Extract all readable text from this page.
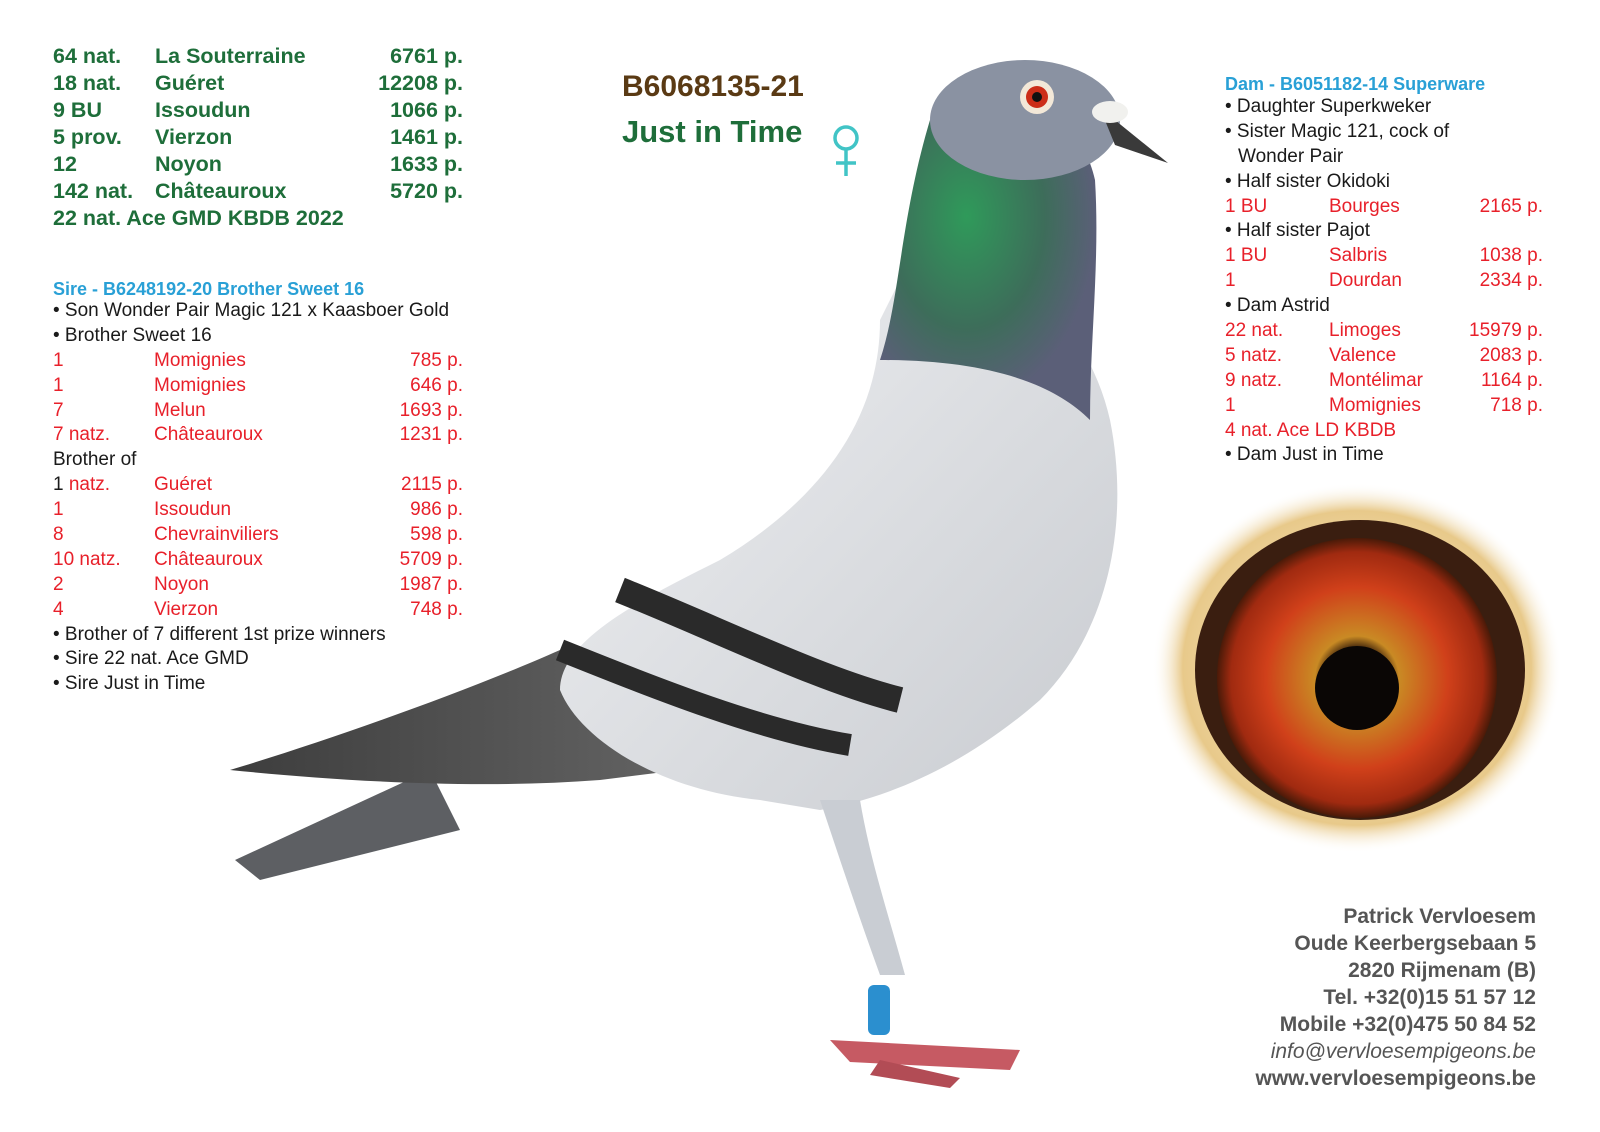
64 nat. La Souterraine	6761 p.
18 nat. Guéret	12208 p.
9 BU Issoudun	1066 p.
5 prov. Vierzon	1461 p.
12	Noyon	1633 p.
142 nat. Châteauroux	5720 p.
22 nat. Ace GMD KBDB 2022
B6068135-21
Just in Time
Sire - B6248192-20 Brother Sweet 16
• Son Wonder Pair Magic 121 x Kaasboer Gold
• Brother Sweet 16
1	Momignies	785 p.
1	Momignies	646 p.
7	Melun	1693 p.
7 natz. Châteauroux	1231 p.
Brother of
1 natz. Guéret	2115 p.
1	Issoudun	986 p.
8	Chevrainviliers	598 p.
10 natz. Châteauroux	5709 p.
2	Noyon	1987 p.
4	Vierzon	748 p.
• Brother of 7 different 1st prize winners
• Sire 22 nat. Ace GMD
• Sire Just in Time
Dam - B6051182-14 Superware
• Daughter Superkweker
• Sister Magic 121, cock of
Wonder Pair
• Half sister Okidoki
1 BU	Bourges	2165 p.
• Half sister Pajot
1 BU	Salbris	1038 p.
1	Dourdan	2334 p.
• Dam Astrid
22 nat. Limoges	15979 p.
5 natz. Valence	2083 p.
9 natz. Montélimar	1164 p.
1	Momignies	718 p.
4 nat. Ace LD KBDB
• Dam Just in Time
Patrick Vervloesem
Oude Keerbergsebaan 5
2820 Rijmenam (B)
Tel. +32(0)15 51 57 12
Mobile +32(0)475 50 84 52
info@vervloesempigeons.be
www.vervloesempigeons.be
